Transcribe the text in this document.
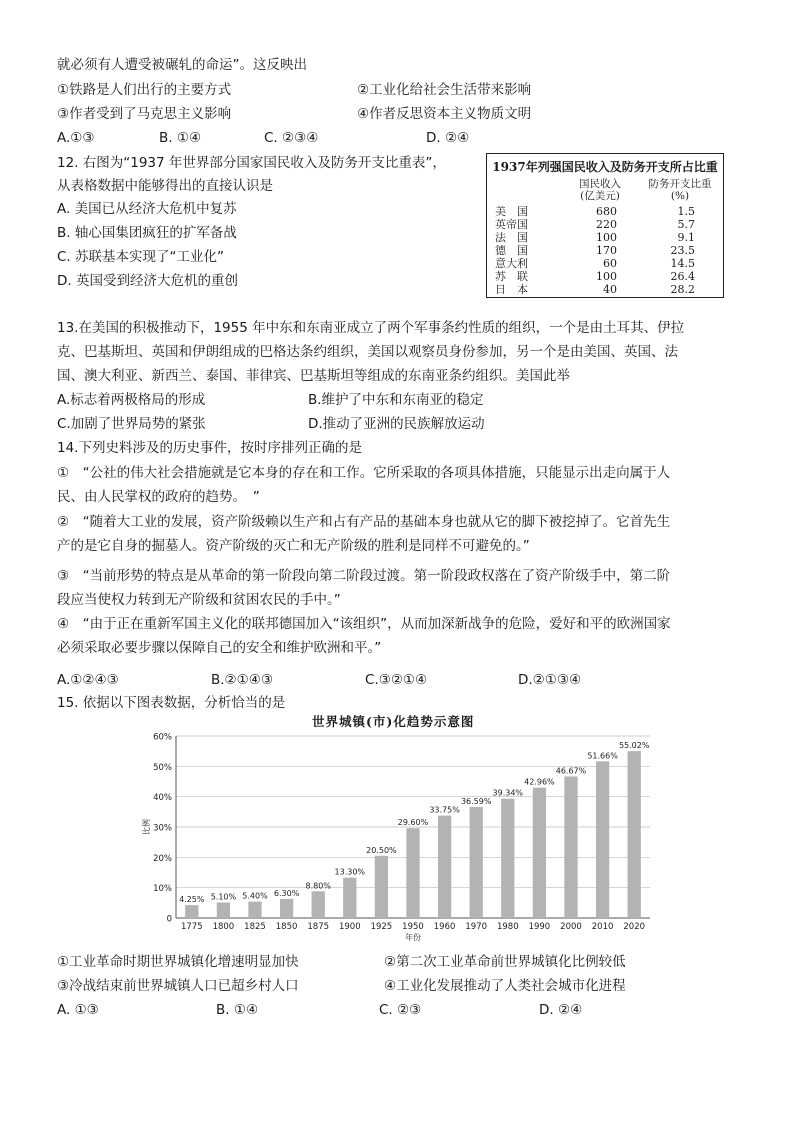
就必须有人遭受被碾轧的命运”。这反映出
①铁路是人们出行的主要方式	②工业化给社会生活带来影响
③作者受到了马克思主义影响	④作者反思资本主义物质文明
A.①③	B. ①④	C. ②③④	D. ②④
12. 右图为“1937 年世界部分国家国民收入及防务开支比重表”，
从表格数据中能够得出的直接认识是
A. 美国已从经济大危机中复苏
B. 轴心国集团疯狂的扩军备战
C. 苏联基本实现了“工业化”
D. 英国受到经济大危机的重创
1937年列强国民收入及防务开支所占比重
国民收入
(亿美元)
防务开支比重
(%)
美　国	680	1.5
英帝国	220	5.7
法　国	100	9.1
德　国	170	23.5
意大利	60	14.5
苏　联	100	26.4
日　本	40	28.2
13.在美国的积极推动下，1955 年中东和东南亚成立了两个军事条约性质的组织，一个是由土耳其、伊拉
克、巴基斯坦、英国和伊朗组成的巴格达条约组织，美国以观察员身份参加，另一个是由美国、英国、法
国、澳大利亚、新西兰、泰国、菲律宾、巴基斯坦等组成的东南亚条约组织。美国此举
A.标志着两极格局的形成	B.维护了中东和东南亚的稳定
C.加剧了世界局势的紧张	D.推动了亚洲的民族解放运动
14.下列史料涉及的历史事件，按时序排列正确的是
①　“公社的伟大社会措施就是它本身的存在和工作。它所采取的各项具体措施，只能显示出走向属于人
民、由人民掌权的政府的趋势。　”
②　“随着大工业的发展，资产阶级赖以生产和占有产品的基础本身也就从它的脚下被挖掉了。它首先生
产的是它自身的掘墓人。资产阶级的灭亡和无产阶级的胜利是同样不可避免的。”
③　“当前形势的特点是从革命的第一阶段向第二阶段过渡。第一阶段政权落在了资产阶级手中，第二阶
段应当使权力转到无产阶级和贫困农民的手中。”
④　“由于正在重新军国主义化的联邦德国加入“该组织”，从而加深新战争的危险，爱好和平的欧洲国家
必须采取必要步骤以保障自己的安全和维护欧洲和平。”
A.①②④③	B.②①④③	C.③②①④	D.②①③④
15. 依据以下图表数据，分析恰当的是
世界城镇(市)化趋势示意图
0
10%
20%
30%
40%
50%
60%
4.25%
1775
5.10%
1800
5.40%
1825
6.30%
1850
8.80%
1875
13.30%
1900
20.50%
1925
29.60%
1950
33.75%
1960
36.59%
1970
39.34%
1980
42.96%
1990
46.67%
2000
51.66%
2010
55.02%
2020
年份
比例
①工业革命时期世界城镇化增速明显加快	②第二次工业革命前世界城镇化比例较低
③冷战结束前世界城镇人口已超乡村人口	④工业化发展推动了人类社会城市化进程
A. ①③	B. ①④	C. ②③	D. ②④
